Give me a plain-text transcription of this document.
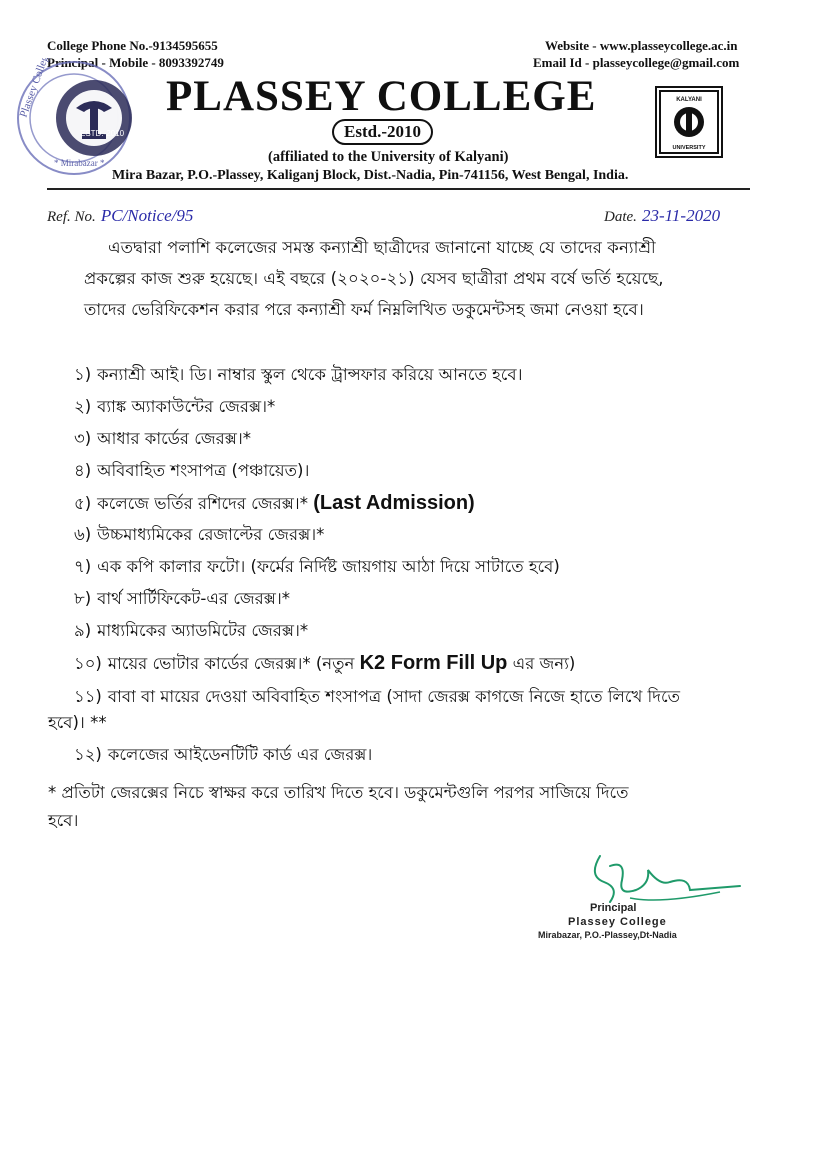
College Phone No.-9134595655
Principal - Mobile - 8093392749
Website - www.plasseycollege.ac.in
Email Id - plasseycollege@gmail.com
Plassey College
ESTD.-2010
* Mirabazar *
PLASSEY COLLEGE
Estd.-2010
(affiliated to the University of Kalyani)
Mira Bazar, P.O.-Plassey, Kaliganj Block, Dist.-Nadia, Pin-741156, West Bengal, India.
KALYANI
UNIVERSITY
Ref. No. PC/Notice/95	Date. 23-11-2020
এতদ্বারা পলাশি কলেজের সমস্ত কন্যাশ্রী ছাত্রীদের জানানো যাচ্ছে যে তাদের কন্যাশ্রী
প্রকল্পের কাজ শুরু হয়েছে। এই বছরে (২০২০-২১) যেসব ছাত্রীরা প্রথম বর্ষে ভর্তি হয়েছে,
তাদের ভেরিফিকেশন করার পরে কন্যাশ্রী ফর্ম নিম্নলিখিত ডকুমেন্টসহ জমা নেওয়া হবে।
১) কন্যাশ্রী আই। ডি। নাম্বার স্কুল থেকে ট্রান্সফার করিয়ে আনতে হবে।
২) ব্যাঙ্ক অ্যাকাউন্টের জেরক্স।*
৩) আধার কার্ডের জেরক্স।*
৪) অবিবাহিত শংসাপত্র (পঞ্চায়েত)।
৫) কলেজে ভর্তির রশিদের জেরক্স।* (Last Admission)
৬) উচ্চমাধ্যমিকের রেজাল্টের জেরক্স।*
৭) এক কপি কালার ফটো। (ফর্মের নির্দিষ্ট জায়গায় আঠা দিয়ে সাটাতে হবে)
৮) বার্থ সার্টিফিকেট-এর জেরক্স।*
৯) মাধ্যমিকের অ্যাডমিটের জেরক্স।*
১০) মায়ের ভোটার কার্ডের জেরক্স।* (নতুন K2 Form Fill Up এর জন্য)
১১) বাবা বা মায়ের দেওয়া অবিবাহিত শংসাপত্র (সাদা জেরক্স কাগজে নিজে হাতে লিখে দিতে
হবে)। **
১২) কলেজের আইডেনটিটি কার্ড এর জেরক্স।
* প্রতিটা জেরক্সের নিচে স্বাক্ষর করে তারিখ দিতে হবে। ডকুমেন্টগুলি পরপর সাজিয়ে দিতে
হবে।
Principal
Plassey College
Mirabazar, P.O.-Plassey,Dt-Nadia
